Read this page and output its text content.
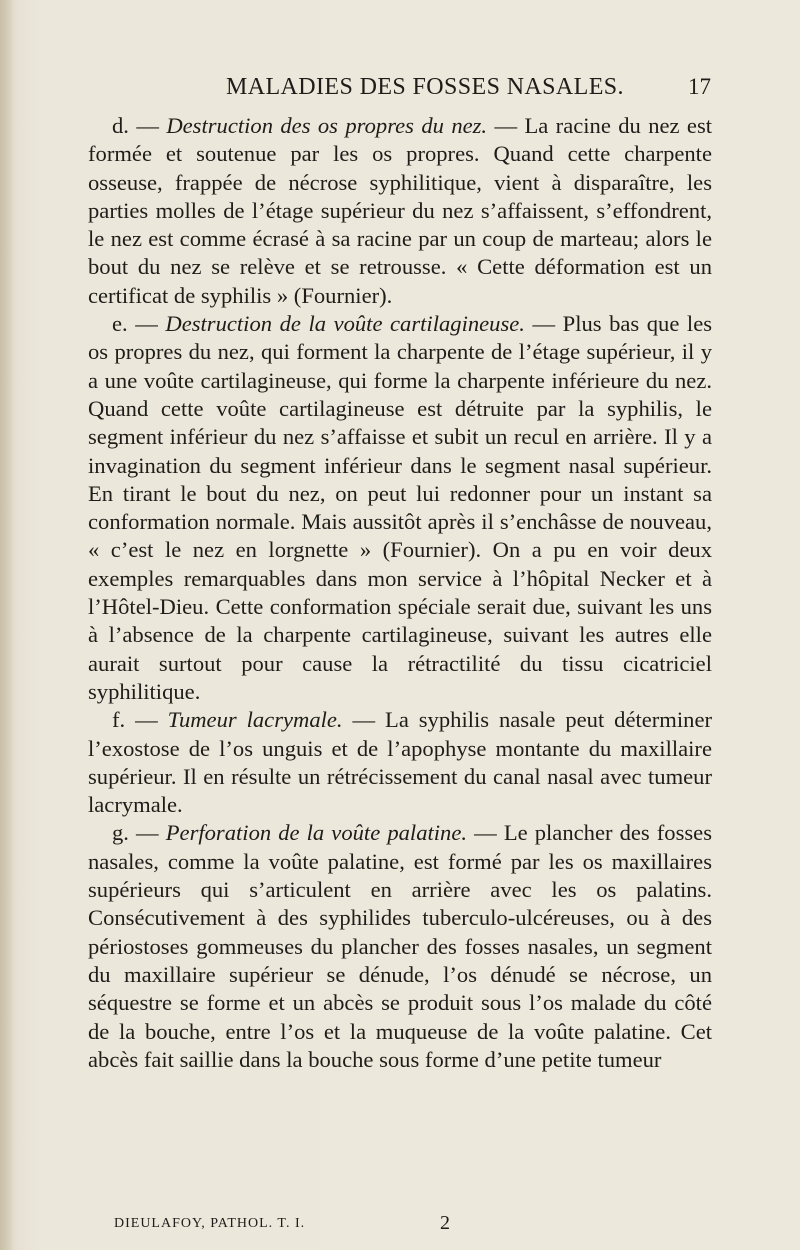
MALADIES DES FOSSES NASALES.	17

d. — Destruction des os propres du nez. — La racine du nez est formée et soutenue par les os propres. Quand cette charpente osseuse, frappée de nécrose syphilitique, vient à disparaître, les parties molles de l’étage supérieur du nez s’affaissent, s’effondrent, le nez est comme écrasé à sa racine par un coup de marteau; alors le bout du nez se relève et se retrousse. « Cette déformation est un certificat de syphilis » (Fournier).

e. — Destruction de la voûte cartilagineuse. — Plus bas que les os propres du nez, qui forment la charpente de l’étage supérieur, il y a une voûte cartilagineuse, qui forme la charpente inférieure du nez. Quand cette voûte cartilagineuse est détruite par la syphilis, le segment inférieur du nez s’affaisse et subit un recul en arrière. Il y a invagination du segment inférieur dans le segment nasal supérieur. En tirant le bout du nez, on peut lui redonner pour un instant sa conformation normale. Mais aussitôt après il s’enchâsse de nouveau, « c’est le nez en lorgnette » (Fournier). On a pu en voir deux exemples remarquables dans mon service à l’hôpital Necker et à l’Hôtel-Dieu. Cette conformation spéciale serait due, suivant les uns à l’absence de la charpente cartilagineuse, suivant les autres elle aurait surtout pour cause la rétractilité du tissu cicatriciel syphilitique.

f. — Tumeur lacrymale. — La syphilis nasale peut déterminer l’exostose de l’os unguis et de l’apophyse montante du maxillaire supérieur. Il en résulte un rétrécissement du canal nasal avec tumeur lacrymale.

g. — Perforation de la voûte palatine. — Le plancher des fosses nasales, comme la voûte palatine, est formé par les os maxillaires supérieurs qui s’articulent en arrière avec les os palatins. Consécutivement à des syphilides tuberculo-ulcéreuses, ou à des périostoses gommeuses du plancher des fosses nasales, un segment du maxillaire supérieur se dénude, l’os dénudé se nécrose, un séquestre se forme et un abcès se produit sous l’os malade du côté de la bouche, entre l’os et la muqueuse de la voûte palatine. Cet abcès fait saillie dans la bouche sous forme d’une petite tumeur

DIEULAFOY, PATHOL. T. I.	2
